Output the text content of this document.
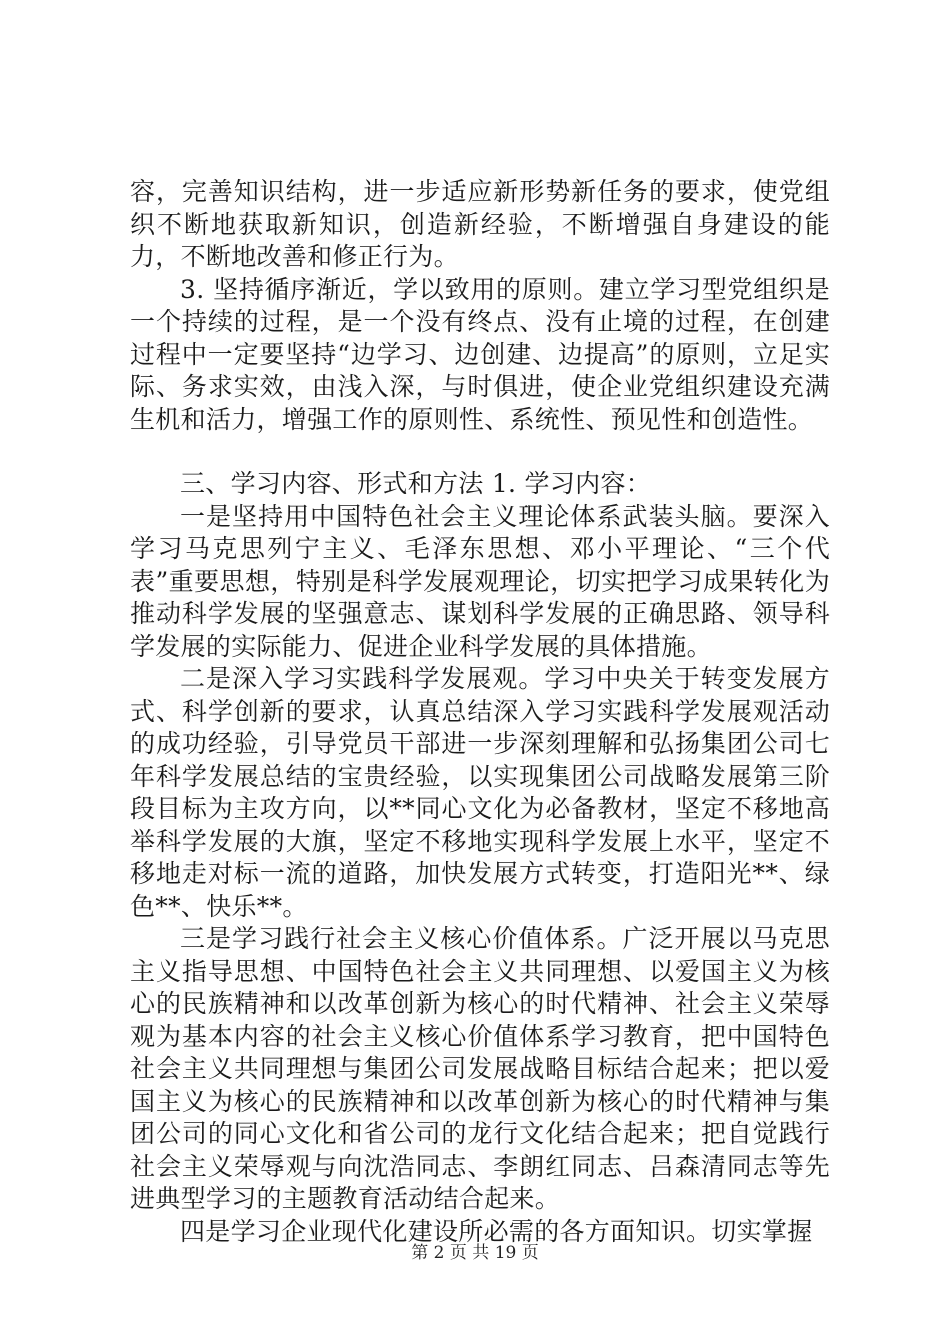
容，完善知识结构，进一步适应新形势新任务的要求，使党组织不断地获取新知识，创造新经验，不断增强自身建设的能力，不断地改善和修正行为。

3. 坚持循序渐近，学以致用的原则。建立学习型党组织是一个持续的过程，是一个没有终点、没有止境的过程，在创建过程中一定要坚持“边学习、边创建、边提高”的原则，立足实际、务求实效，由浅入深，与时俱进，使企业党组织建设充满生机和活力，增强工作的原则性、系统性、预见性和创造性。

三、学习内容、形式和方法 1. 学习内容：

一是坚持用中国特色社会主义理论体系武装头脑。要深入学习马克思列宁主义、毛泽东思想、邓小平理论、“三个代表”重要思想，特别是科学发展观理论，切实把学习成果转化为推动科学发展的坚强意志、谋划科学发展的正确思路、领导科学发展的实际能力、促进企业科学发展的具体措施。

二是深入学习实践科学发展观。学习中央关于转变发展方式、科学创新的要求，认真总结深入学习实践科学发展观活动的成功经验，引导党员干部进一步深刻理解和弘扬集团公司七年科学发展总结的宝贵经验，以实现集团公司战略发展第三阶段目标为主攻方向，以**同心文化为必备教材，坚定不移地高举科学发展的大旗，坚定不移地实现科学发展上水平，坚定不移地走对标一流的道路，加快发展方式转变，打造阳光**、绿色**、快乐**。

三是学习践行社会主义核心价值体系。广泛开展以马克思主义指导思想、中国特色社会主义共同理想、以爱国主义为核心的民族精神和以改革创新为核心的时代精神、社会主义荣辱观为基本内容的社会主义核心价值体系学习教育，把中国特色社会主义共同理想与集团公司发展战略目标结合起来；把以爱国主义为核心的民族精神和以改革创新为核心的时代精神与集团公司的同心文化和省公司的龙行文化结合起来；把自觉践行社会主义荣辱观与向沈浩同志、李朗红同志、吕森清同志等先进典型学习的主题教育活动结合起来。

四是学习企业现代化建设所必需的各方面知识。切实掌握

第 2 页 共 19 页
